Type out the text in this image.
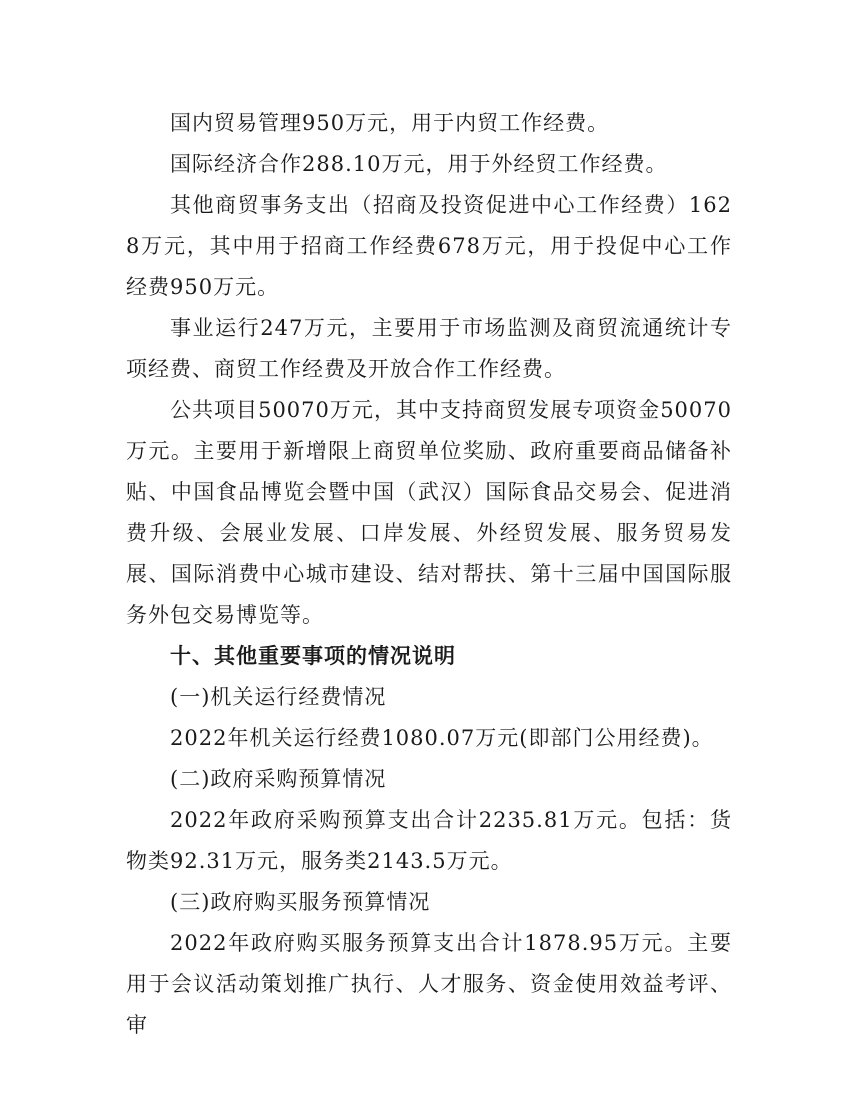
国内贸易管理950万元，用于内贸工作经费。

国际经济合作288.10万元，用于外经贸工作经费。

其他商贸事务支出（招商及投资促进中心工作经费）1628万元，其中用于招商工作经费678万元，用于投促中心工作经费950万元。

事业运行247万元，主要用于市场监测及商贸流通统计专项经费、商贸工作经费及开放合作工作经费。

公共项目50070万元，其中支持商贸发展专项资金50070万元。主要用于新增限上商贸单位奖励、政府重要商品储备补贴、中国食品博览会暨中国（武汉）国际食品交易会、促进消费升级、会展业发展、口岸发展、外经贸发展、服务贸易发展、国际消费中心城市建设、结对帮扶、第十三届中国国际服务外包交易博览等。

十、其他重要事项的情况说明

(一)机关运行经费情况

2022年机关运行经费1080.07万元(即部门公用经费)。

(二)政府采购预算情况

2022年政府采购预算支出合计2235.81万元。包括：货物类92.31万元，服务类2143.5万元。

(三)政府购买服务预算情况

2022年政府购买服务预算支出合计1878.95万元。主要用于会议活动策划推广执行、人才服务、资金使用效益考评、审
